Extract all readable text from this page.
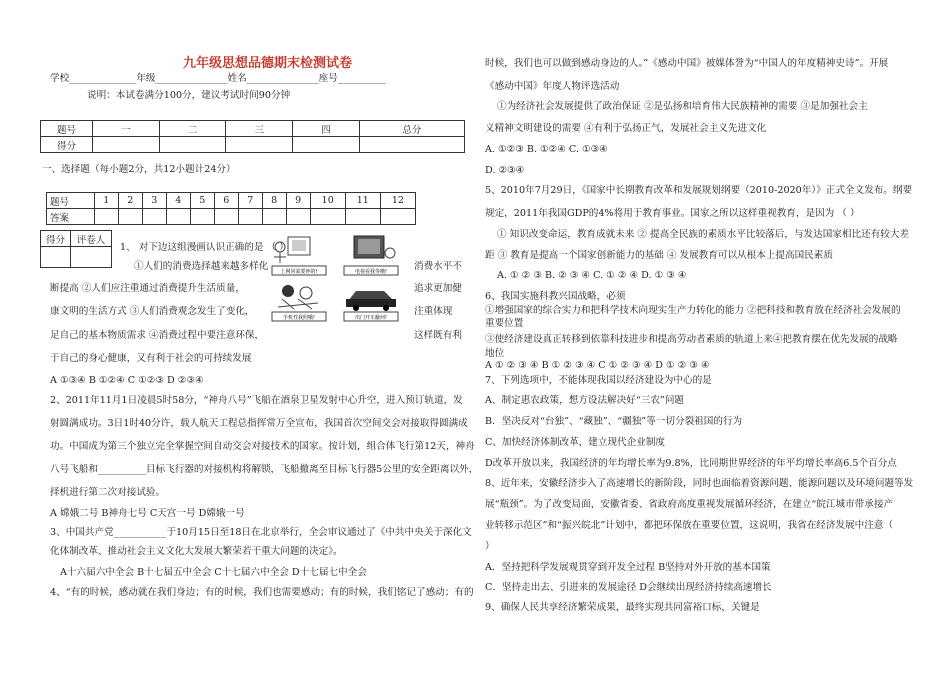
九年级思想品德期末检测试卷
学校______________年级_______________姓名_______________座号__________
说明：本试卷满分100分，建议考试时间90分钟
题号	一	二	三	四	总分
得分					
一、选择题（每小题2分，共12小题计24分）
题号	1	2	3	4	5	6	7	8	9	10	11	12
答案												
得分	评卷人

上网同需要钟的!	电视看我等哦!
手机性我照哦!	出门开车蔽何!
1、 对下边这组漫画认识正确的是 （ ）
①人们的消费选择越来越多样化	消费水平不
断提高 ②人们应注重通过消费提升生活质量，	追求更加健
康文明的生活方式 ③人们消费观念发生了变化，	注重体现
足自己的基本物质需求 ④消费过程中要注意环保，	这样既有利
于自己的身心健康，又有利于社会的可持续发展
A ①③④ B ①②④ C ①②③ D ②③④
2、2011年11月1日凌晨5时58分，“神舟八号”飞船在酒泉卫星发射中心升空，进入预订轨道，发
射圆满成功。3日1时40分许，载人航天工程总指挥常万全宣布，我国首次空间交会对接取得圆满成
功。中国成为第三个独立完全掌握空间自动交会对接技术的国家。按计划，组合体飞行第12天，神舟
八号飞船和__________目标飞行器的对接机构将解锁，飞船撤离至目标飞行器5公里的安全距离以外，
择机进行第二次对接试验。
A 嫦娥二号 B神舟七号 C天宫一号 D嫦娥一号
3、中国共产党___________于10月15日至18日在北京举行，全会审议通过了《中共中央关于深化文
化体制改革、推动社会主义文化大发展大繁荣若干重大问题的决定》。
A十六届六中全会 B十七届五中全会 C十七届六中全会 D十七届七中全会
4、“有的时候，感动就在我们身边；有的时候，我们也需要感动；有的时候，我们铭记了感动；有的
时候，我们也可以做到感动身边的人。”《感动中国》被媒体誉为“中国人的年度精神史诗”。开展
《感动中国》年度人物评选活动
①为经济社会发展提供了政治保证 ②是弘扬和培育伟大民族精神的需要 ③是加强社会主
义精神文明建设的需要 ④有利于弘扬正气，发展社会主义先进文化
A. ①②③ B. ①②④ C. ①③④
D. ②③④
5、2010年7月29日，《国家中长期教育改革和发展规划纲要（2010-2020年）》正式全文发布。纲要
规定，2011年我国GDP的4%将用于教育事业。国家之所以这样重视教育，是因为 （ ）
① 知识改变命运，教育成就未来 ② 提高全民族的素质水平比较落后，与发达国家相比还有较大差
距 ③ 教育是提高一个国家创新能力的基础 ④ 发展教育可以从根本上提高国民素质
A. ① ② ③ B. ② ③ ④ C. ① ② ④ D. ① ③ ④
6、我国实施科教兴国战略，必须
①增强国家的综合实力和把科学技术向现实生产力转化的能力 ②把科技和教育放在经济社会发展的
重要位置
③使经济建设真正转移到依靠科技进步和提高劳动者素质的轨道上来④把教育摆在优先发展的战略
地位
A ① ② ③ ④ B ① ② ③ ④ C ① ② ③ ④ D ① ② ③ ④
7、下列选项中，不能体现我国以经济建设为中心的是
A、制定惠农政策，想方设法解决好“三农”问题
B．坚决反对“台独”、“藏独”、“疆独”等一切分裂祖国的行为
C、加快经济体制改革，建立现代企业制度
D改革开放以来，我国经济的年均增长率为9.8%，比同期世界经济的年平均增长率高6.5个百分点
8、近年来，安徽经济步入了高速增长的新阶段，同时也面临着资源问题、能源问题以及环境问题等发
展“瓶颈”。为了改变局面，安徽省委、省政府高度重视发展循环经济，在建立“皖江城市带承接产
业转移示范区”和“振兴皖北”计划中，都把环保放在重要位置，这说明，我省在经济发展中注意（
）
A．坚持把科学发展观贯穿到开发全过程 B坚持对外开放的基本国策
C．坚持走出去、引进来的发展途径 D会继续出现经济持续高速增长
9、确保人民共享经济繁荣成果，最终实现共同富裕口标，关键是
